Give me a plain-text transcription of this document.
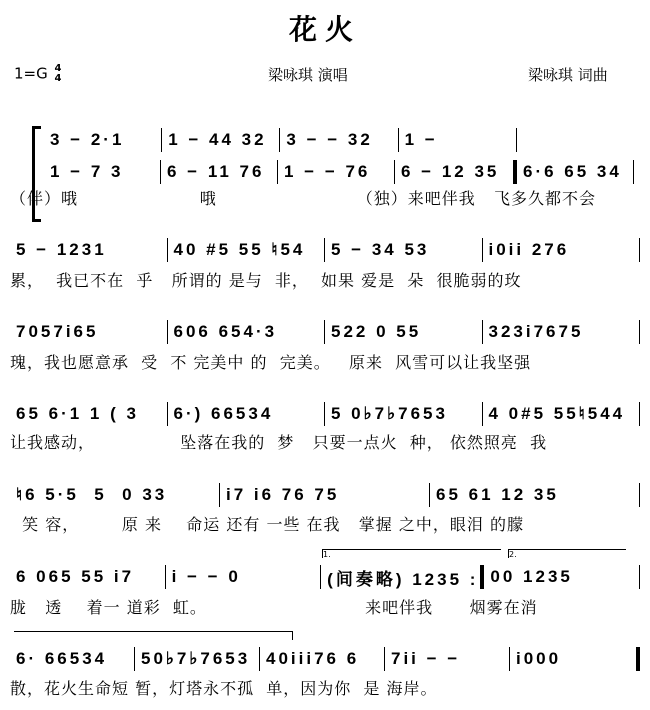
花火
1=G 4
4	梁咏琪 演唱	梁咏琪 词曲
3 − 2·1	1 − 44 32	3 − − 32	1 −
1 − 7 3	6 − 11 76	1 − − 76	6 − 12 35	6·6 65 34
（伴）哦                    哦                       （独）来吧伴我   飞多久都不会
5 − 1231	40 #5 55 ♮54	5 − 34 53	i0ii 276
累，  我已不在  乎   所谓的 是与  非，  如果 爱是  朵  很脆弱的玫
7057i65	606 654·3	522 0 55	323i7675
瑰，我也愿意承  受  不 完美中 的  完美。   原来  风雪可以让我坚强
65 6·1 1 ( 3	6·) 66534	5 0♭7♭7653	4 0#5 55♮544
让我感动，              坠落在我的  梦   只要一点火  种， 依然照亮  我
♮6 5·5  5  0 33	i7 i6 76 75	65 61 12 35
笑 容，       原 来    命运 还有 一些 在我   掌握 之中，眼泪 的朦
6 065 55 i7	i − − 0	(间奏略) 1235 : 00 1235
胧   透    着一 道彩  虹。                          来吧伴我      烟雾在消
1.	2.
6· 66534	50♭7♭7653 40iii76 6	7ii − −	i000
散，花火生命短 暂，灯塔永不孤  单，因为你  是 海岸。
